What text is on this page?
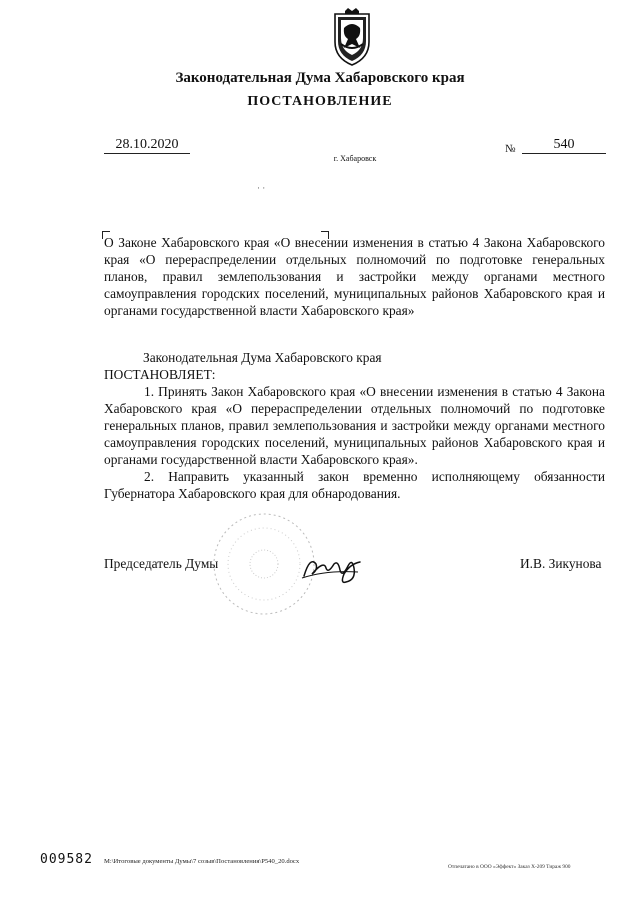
Законодательная Дума Хабаровского края
ПОСТАНОВЛЕНИЕ
28.10.2020	№	540
г. Хабаровск
· ·
О Законе Хабаровского края «О внесении изменения в статью 4 Закона Хабаровского края «О перераспределении отдельных полномочий по подготовке генеральных планов, правил землепользования и застройки между органами местного самоуправления городских поселений, муниципальных районов Хабаровского края и органами государственной власти Хабаровского края»
Законодательная Дума Хабаровского края
ПОСТАНОВЛЯЕТ:

1. Принять Закон Хабаровского края «О внесении изменения в статью 4 Закона Хабаровского края «О перераспределении отдельных полномочий по подготовке генеральных планов, правил землепользования и застройки между органами местного самоуправления городских поселений, муниципальных районов Хабаровского края и органами государственной власти Хабаровского края».

2. Направить указанный закон временно исполняющему обязанности Губернатора Хабаровского края для обнародования.

Председатель Думы	И.В. Зикунова
009582 М:\Итоговые документы Думы\7 созыв\Постановления\Р540_20.docx
Отпечатано в ООО «Эффект» Заказ Х-209 Тираж 900
